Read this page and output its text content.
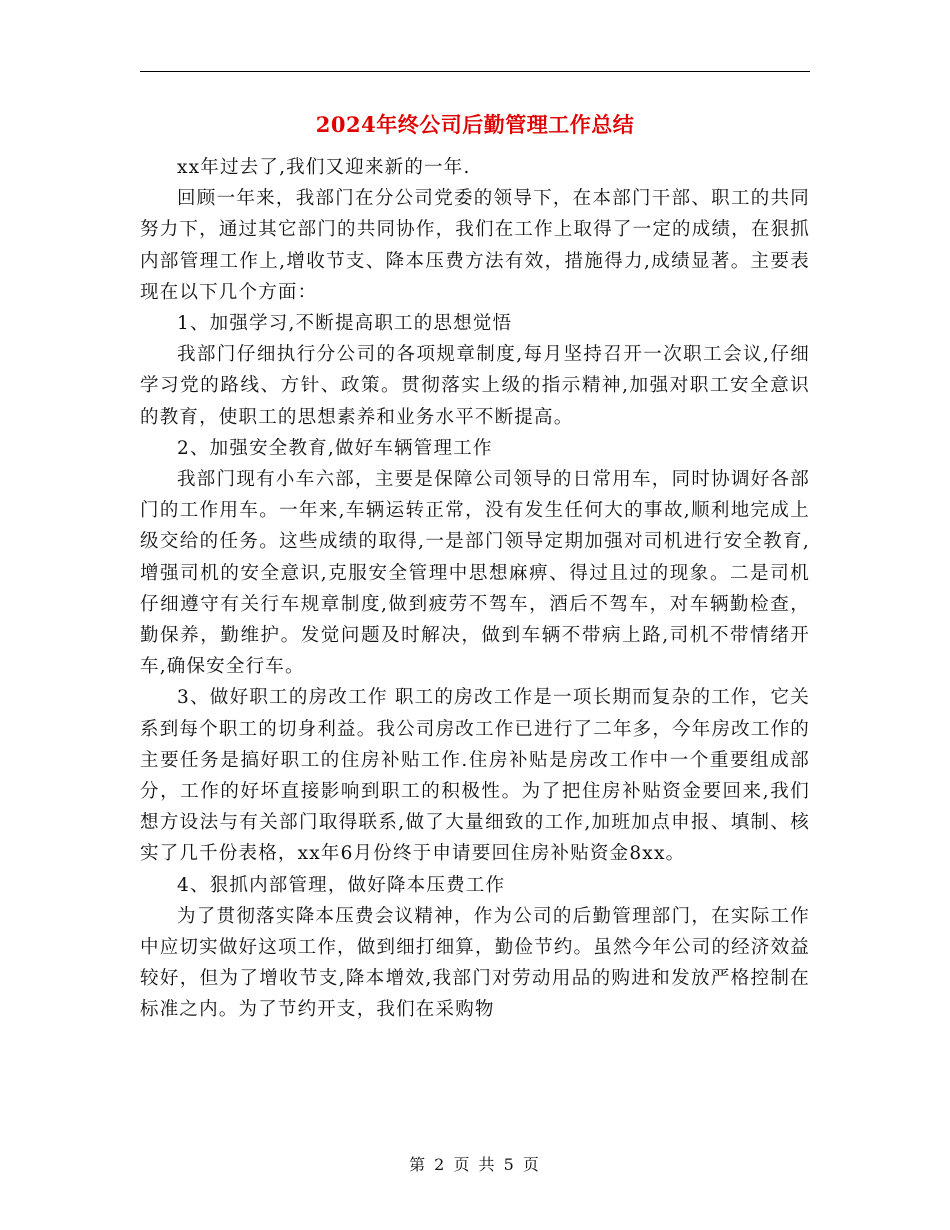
2024年终公司后勤管理工作总结

xx年过去了,我们又迎来新的一年.

回顾一年来，我部门在分公司党委的领导下，在本部门干部、职工的共同努力下，通过其它部门的共同协作，我们在工作上取得了一定的成绩，在狠抓内部管理工作上,增收节支、降本压费方法有效，措施得力,成绩显著。主要表现在以下几个方面：

1、加强学习,不断提高职工的思想觉悟

我部门仔细执行分公司的各项规章制度,每月坚持召开一次职工会议,仔细学习党的路线、方针、政策。贯彻落实上级的指示精神,加强对职工安全意识的教育，使职工的思想素养和业务水平不断提高。

2、加强安全教育,做好车辆管理工作

我部门现有小车六部，主要是保障公司领导的日常用车，同时协调好各部门的工作用车。一年来,车辆运转正常，没有发生任何大的事故,顺利地完成上级交给的任务。这些成绩的取得,一是部门领导定期加强对司机进行安全教育,增强司机的安全意识,克服安全管理中思想麻痹、得过且过的现象。二是司机仔细遵守有关行车规章制度,做到疲劳不驾车，酒后不驾车，对车辆勤检查，勤保养，勤维护。发觉问题及时解决，做到车辆不带病上路,司机不带情绪开车,确保安全行车。

3、做好职工的房改工作 职工的房改工作是一项长期而复杂的工作，它关系到每个职工的切身利益。我公司房改工作已进行了二年多，今年房改工作的主要任务是搞好职工的住房补贴工作.住房补贴是房改工作中一个重要组成部分，工作的好坏直接影响到职工的积极性。为了把住房补贴资金要回来,我们想方设法与有关部门取得联系,做了大量细致的工作,加班加点申报、填制、核实了几千份表格，xx年6月份终于申请要回住房补贴资金8xx。

4、狠抓内部管理，做好降本压费工作

为了贯彻落实降本压费会议精神，作为公司的后勤管理部门，在实际工作中应切实做好这项工作，做到细打细算，勤俭节约。虽然今年公司的经济效益较好，但为了增收节支,降本增效,我部门对劳动用品的购进和发放严格控制在标准之内。为了节约开支，我们在采购物

第 2 页 共 5 页
